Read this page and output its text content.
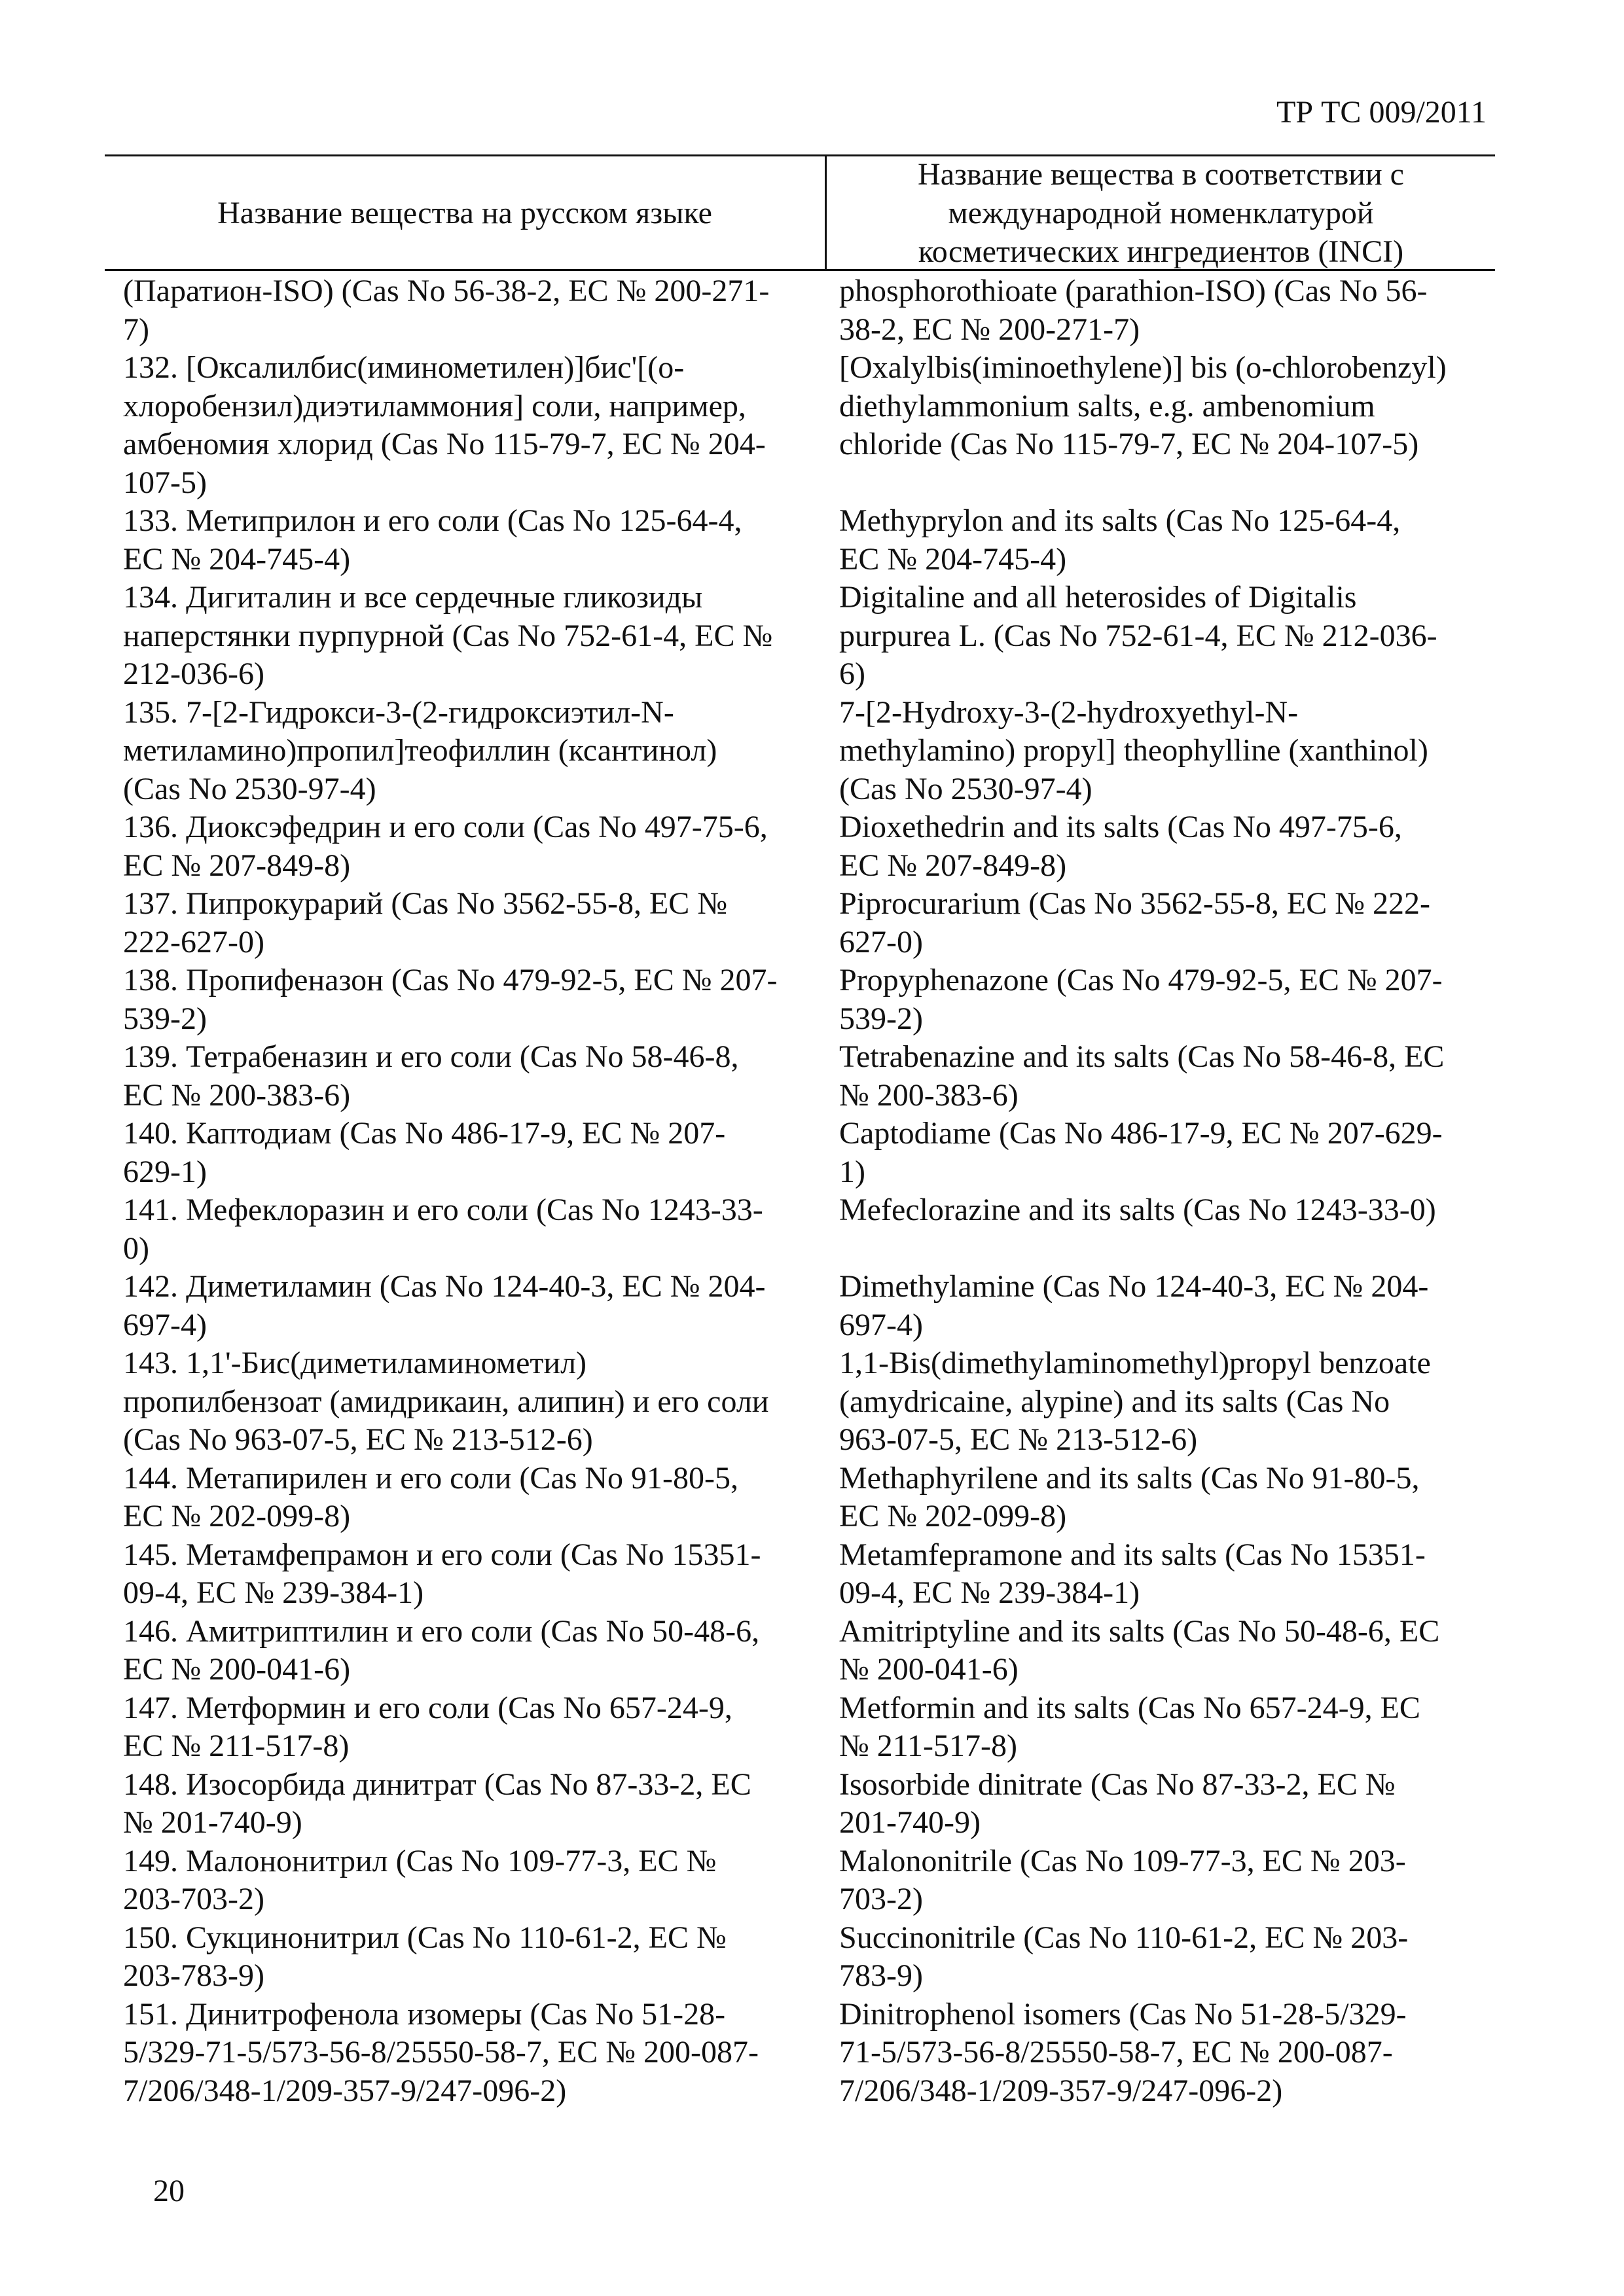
ТР ТС 009/2011
Название вещества на русском языке
Название вещества в соответствии с
международной номенклатурой
косметических ингредиентов (INCI)
(Паратион-ISO) (Cas No 56-38-2, ЕС № 200-271-
7)
phosphorothioate (parathion-ISO) (Cas No 56-
38-2, EC № 200-271-7)
132. [Оксалилбис(иминометилен)]бис'[(о-
хлоробензил)диэтиламмония] соли, например,
амбеномия хлорид (Cas No 115-79-7, ЕС № 204-
107-5)
[Oxalylbis(iminoethylene)] bis (o-chlorobenzyl)
diethylammonium salts, e.g. ambenomium
chloride (Cas No 115-79-7, EC № 204-107-5)
133. Метиприлон и его соли (Cas No 125-64-4,
ЕС № 204-745-4)
Methyprylon and its salts (Cas No 125-64-4,
EC № 204-745-4)
134. Дигиталин и все сердечные гликозиды
наперстянки пурпурной (Cas No 752-61-4, ЕС №
212-036-6)
Digitaline and all heterosides of Digitalis
purpurea L. (Cas No 752-61-4, EC № 212-036-
6)
135. 7-[2-Гидрокси-3-(2-гидроксиэтил-N-
метиламино)пропил]теофиллин (ксантинол)
(Cas No 2530-97-4)
7-[2-Hydroxy-3-(2-hydroxyethyl-N-
methylamino) propyl] theophylline (xanthinol)
(Cas No 2530-97-4)
136. Диоксэфедрин и его соли (Cas No 497-75-6,
ЕС № 207-849-8)
Dioxethedrin and its salts (Cas No 497-75-6,
EC № 207-849-8)
137. Пипрокурарий (Cas No 3562-55-8, ЕС №
222-627-0)
Piprocurarium (Cas No 3562-55-8, EC № 222-
627-0)
138. Пропифеназон (Cas No 479-92-5, ЕС № 207-
539-2)
Propyphenazone (Cas No 479-92-5, EC № 207-
539-2)
139. Тетрабеназин и его соли (Cas No 58-46-8,
ЕС № 200-383-6)
Tetrabenazine and its salts (Cas No 58-46-8, EC
№ 200-383-6)
140. Каптодиам (Cas No 486-17-9, ЕС № 207-
629-1)
Captodiame (Cas No 486-17-9, EC № 207-629-
1)
141. Мефеклоразин и его соли (Cas No 1243-33-
0)
Mefeclorazine and its salts (Cas No 1243-33-0)

142. Диметиламин (Cas No 124-40-3, ЕС № 204-
697-4)
Dimethylamine (Cas No 124-40-3, EC № 204-
697-4)
143. 1,1'-Бис(диметиламинометил)
пропилбензоат (амидрикаин, алипин) и его соли
(Cas No 963-07-5, ЕС № 213-512-6)
1,1-Bis(dimethylaminomethyl)propyl benzoate
(amydricaine, alypine) and its salts (Cas No
963-07-5, EC № 213-512-6)
144. Метапирилен и его соли (Cas No 91-80-5,
ЕС № 202-099-8)
Methaphyrilene and its salts (Cas No 91-80-5,
EC № 202-099-8)
145. Метамфепрамон и его соли (Cas No 15351-
09-4, ЕС № 239-384-1)
Metamfepramone and its salts (Cas No 15351-
09-4, EC № 239-384-1)
146. Амитриптилин и его соли (Cas No 50-48-6,
ЕС № 200-041-6)
Amitriptyline and its salts (Cas No 50-48-6, EC
№ 200-041-6)
147. Метформин и его соли (Cas No 657-24-9,
ЕС № 211-517-8)
Metformin and its salts (Cas No 657-24-9, EC
№ 211-517-8)
148. Изосорбида динитрат (Cas No 87-33-2, ЕС
№ 201-740-9)
Isosorbide dinitrate (Cas No 87-33-2, EC №
201-740-9)
149. Малононитрил (Cas No 109-77-3, ЕС №
203-703-2)
Malononitrile (Cas No 109-77-3, EC № 203-
703-2)
150. Сукцинонитрил (Cas No 110-61-2, ЕС №
203-783-9)
Succinonitrile (Cas No 110-61-2, EC № 203-
783-9)
151. Динитрофенола изомеры (Cas No 51-28-
5/329-71-5/573-56-8/25550-58-7, ЕС № 200-087-
7/206/348-1/209-357-9/247-096-2)
Dinitrophenol isomers (Cas No 51-28-5/329-
71-5/573-56-8/25550-58-7, EC № 200-087-
7/206/348-1/209-357-9/247-096-2)
20
